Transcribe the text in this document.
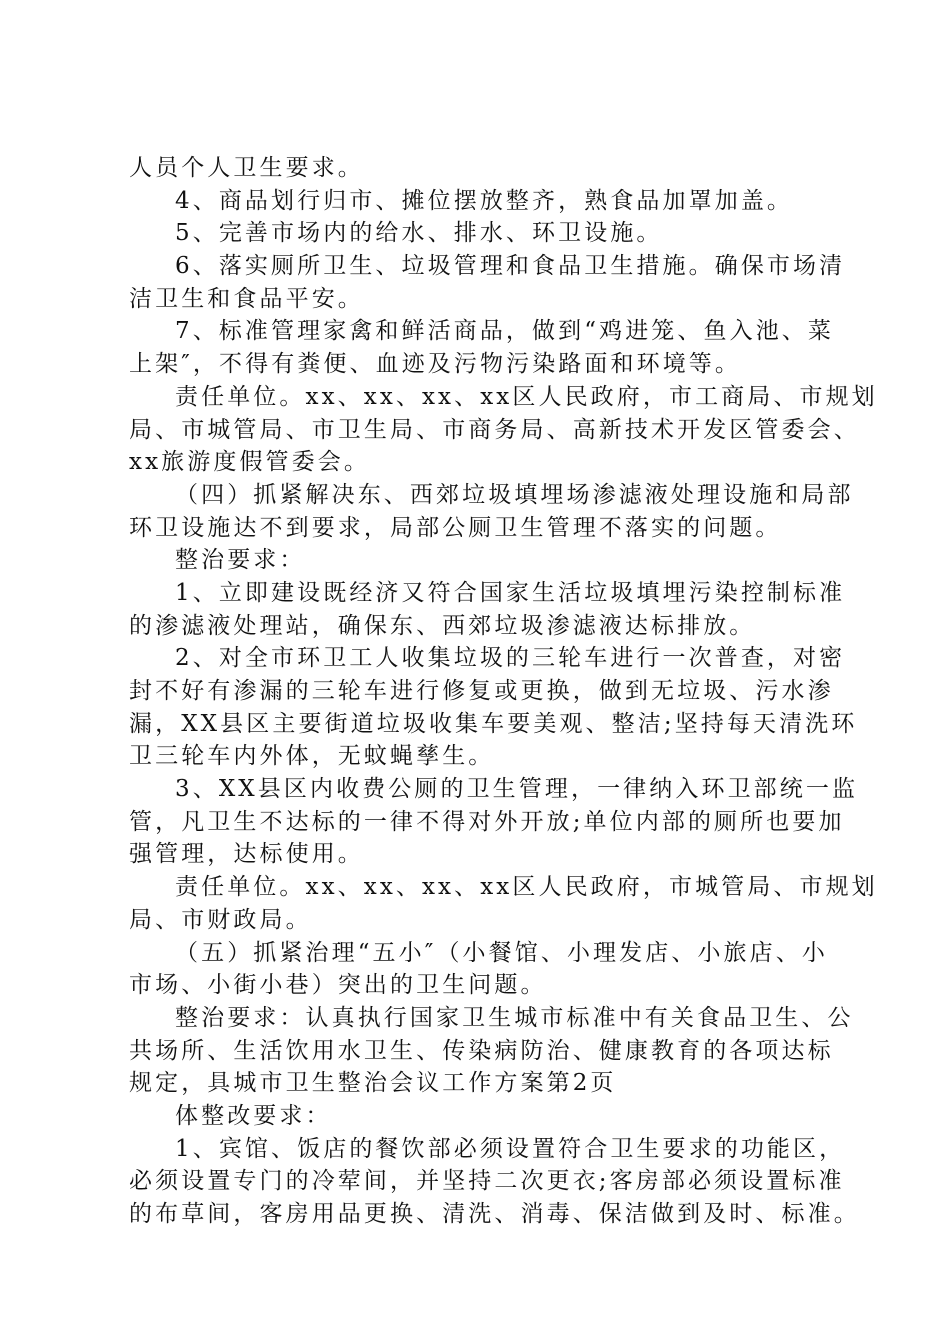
人员个人卫生要求。
4、商品划行归市、摊位摆放整齐，熟食品加罩加盖。
5、完善市场内的给水、排水、环卫设施。
6、落实厕所卫生、垃圾管理和食品卫生措施。确保市场清
洁卫生和食品平安。
7、标准管理家禽和鲜活商品，做到“鸡进笼、鱼入池、菜
上架″，不得有粪便、血迹及污物污染路面和环境等。
责任单位。xx、xx、xx、xx区人民政府，市工商局、市规划
局、市城管局、市卫生局、市商务局、高新技术开发区管委会、
xx旅游度假管委会。
（四）抓紧解决东、西郊垃圾填埋场渗滤液处理设施和局部
环卫设施达不到要求，局部公厕卫生管理不落实的问题。
整治要求：
1、立即建设既经济又符合国家生活垃圾填埋污染控制标准
的渗滤液处理站，确保东、西郊垃圾渗滤液达标排放。
2、对全市环卫工人收集垃圾的三轮车进行一次普查，对密
封不好有渗漏的三轮车进行修复或更换，做到无垃圾、污水渗
漏，XX县区主要街道垃圾收集车要美观、整洁;坚持每天清洗环
卫三轮车内外体，无蚊蝇孳生。
3、XX县区内收费公厕的卫生管理，一律纳入环卫部统一监
管，凡卫生不达标的一律不得对外开放;单位内部的厕所也要加
强管理，达标使用。
责任单位。xx、xx、xx、xx区人民政府，市城管局、市规划
局、市财政局。
（五）抓紧治理“五小″（小餐馆、小理发店、小旅店、小
市场、小街小巷）突出的卫生问题。
整治要求：认真执行国家卫生城市标准中有关食品卫生、公
共场所、生活饮用水卫生、传染病防治、健康教育的各项达标
规定，具城市卫生整治会议工作方案第2页
体整改要求：
1、宾馆、饭店的餐饮部必须设置符合卫生要求的功能区，
必须设置专门的冷荤间，并坚持二次更衣;客房部必须设置标准
的布草间，客房用品更换、清洗、消毒、保洁做到及时、标准。
